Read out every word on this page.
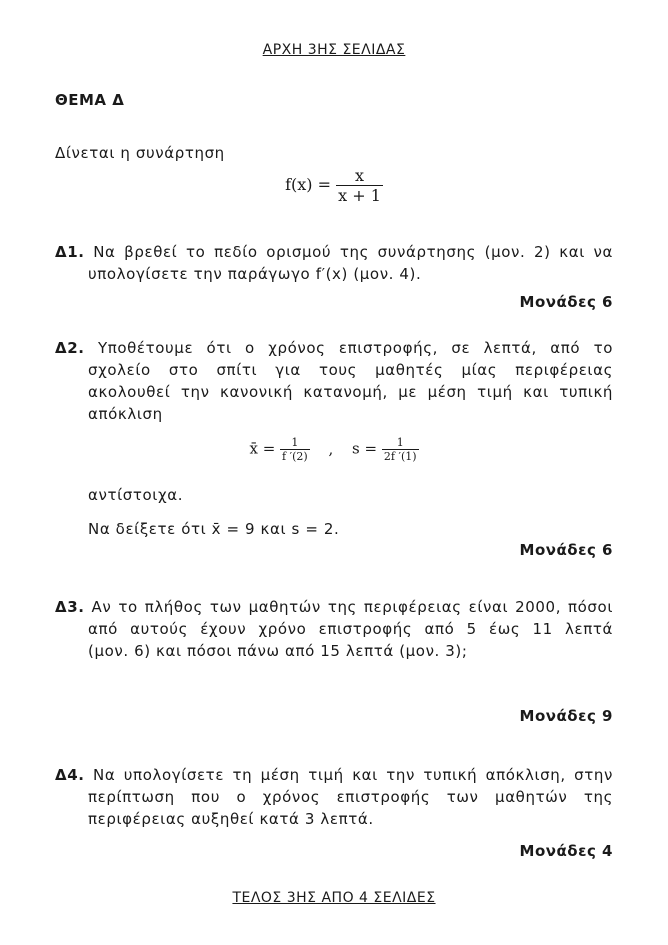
ΑΡΧΗ 3ΗΣ ΣΕΛΙΔΑΣ
ΘΕΜΑ Δ
Δίνεται η συνάρτηση
$f(x) = \frac{x}{x + 1}$
Δ1. Να βρεθεί το πεδίο ορισμού της συνάρτησης (μον. 2) και να
υπολογίσετε την παράγωγο f′(x) (μον. 4).
Μονάδες 6
Δ2. Υποθέτουμε ότι ο χρόνος επιστροφής, σε λεπτά, από το
σχολείο στο σπίτι για τους μαθητές μίας περιφέρειας
ακολουθεί την κανονική κατανομή, με μέση τιμή και τυπική
απόκλιση
x̄ = $\frac{1}{f '(2)}$ , $s = \frac{1}{2f '(1)}$
αντίστοιχα.
Να δείξετε ότι x̄ = 9 και s = 2.
Μονάδες 6
Δ3. Αν το πλήθος των μαθητών της περιφέρειας είναι 2000, πόσοι
από αυτούς έχουν χρόνο επιστροφής από 5 έως 11 λεπτά
(μον. 6) και πόσοι πάνω από 15 λεπτά (μον. 3);
Μονάδες 9
Δ4. Να υπολογίσετε τη μέση τιμή και την τυπική απόκλιση, στην
περίπτωση που ο χρόνος επιστροφής των μαθητών της
περιφέρειας αυξηθεί κατά 3 λεπτά.
Μονάδες 4
ΤΕΛΟΣ 3ΗΣ ΑΠΟ 4 ΣΕΛΙΔΕΣ
